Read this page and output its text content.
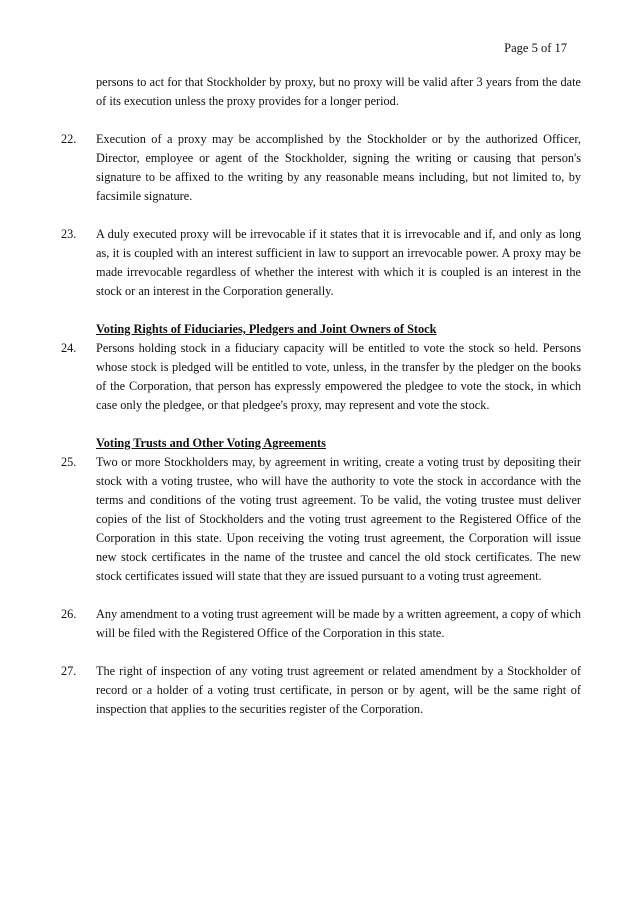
Page 5 of 17
persons to act for that Stockholder by proxy, but no proxy will be valid after 3 years from the date of its execution unless the proxy provides for a longer period.
22.	Execution of a proxy may be accomplished by the Stockholder or by the authorized Officer, Director, employee or agent of the Stockholder, signing the writing or causing that person's signature to be affixed to the writing by any reasonable means including, but not limited to, by facsimile signature.
23.	A duly executed proxy will be irrevocable if it states that it is irrevocable and if, and only as long as, it is coupled with an interest sufficient in law to support an irrevocable power. A proxy may be made irrevocable regardless of whether the interest with which it is coupled is an interest in the stock or an interest in the Corporation generally.
Voting Rights of Fiduciaries, Pledgers and Joint Owners of Stock
24.	Persons holding stock in a fiduciary capacity will be entitled to vote the stock so held. Persons whose stock is pledged will be entitled to vote, unless, in the transfer by the pledger on the books of the Corporation, that person has expressly empowered the pledgee to vote the stock, in which case only the pledgee, or that pledgee's proxy, may represent and vote the stock.
Voting Trusts and Other Voting Agreements
25.	Two or more Stockholders may, by agreement in writing, create a voting trust by depositing their stock with a voting trustee, who will have the authority to vote the stock in accordance with the terms and conditions of the voting trust agreement. To be valid, the voting trustee must deliver copies of the list of Stockholders and the voting trust agreement to the Registered Office of the Corporation in this state. Upon receiving the voting trust agreement, the Corporation will issue new stock certificates in the name of the trustee and cancel the old stock certificates. The new stock certificates issued will state that they are issued pursuant to a voting trust agreement.
26.	Any amendment to a voting trust agreement will be made by a written agreement, a copy of which will be filed with the Registered Office of the Corporation in this state.
27.	The right of inspection of any voting trust agreement or related amendment by a Stockholder of record or a holder of a voting trust certificate, in person or by agent, will be the same right of inspection that applies to the securities register of the Corporation.
